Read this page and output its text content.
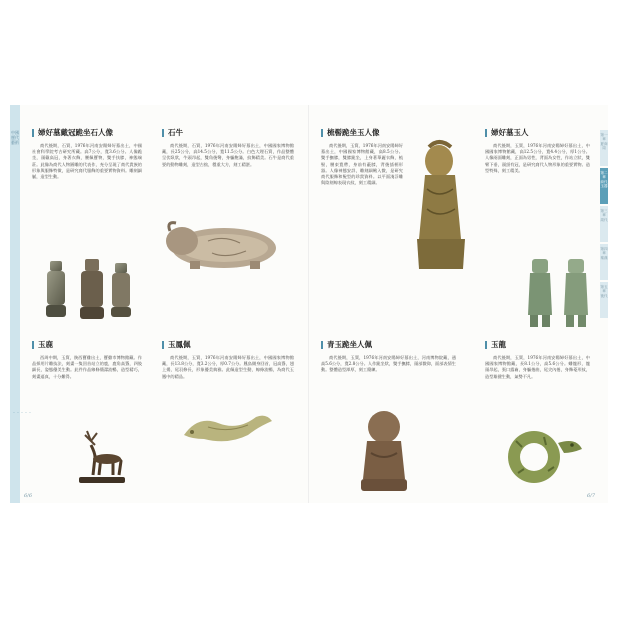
中國歷代藝術
・・・・・
婦好墓戴冠跪坐石人像
商代後期，石質，1976年河南安陽婦好墓出土，中國社會科學院考古研究所藏。高7公分，寬3.6公分。人像跪坐，頭戴高冠，身著衣飾，腰佩寶物，雙手扶膝，神態端莊。此像為商代人物圓雕的代表作，充分呈現了商代貴族的形象與服飾特徵，是研究商代服飾的重要實物資料。雕刻細膩，造型生動。
石牛
商代後期，石質，1976年河南安陽婦好墓出土，中國國家博物館藏，長25公分，高14.5公分，寬11.5公分。白色大理石質，作品整體呈伏臥狀，牛頭昂起，雙角後彎，身軀飽滿，紋飾精美。石牛是商代重要的動物雕刻，造型古拙，穩重大方，刻工精湛。
玉鹿
西周中期，玉質，陝西寶雞出土，寶雞市博物館藏。作品採用片雕技法，刻畫一隻回首站立的鹿，鹿角高聳，四肢細長，姿態優美生動。此件作品線條簡潔流暢，造型精巧，刻畫逼真，十分難得。
玉鳳佩
商代後期，玉質，1976年河南安陽婦好墓出土，中國國家博物館藏，長13.8公分，寬3.2公分，厚0.7公分。鳳鳥側身回首，冠高聳，翅上揚，尾羽修長，形象優美典雅。此佩造型生動，線條流暢，為商代玉鳳中的精品。
6/6
梳髻跪坐玉人像
商代後期，玉質，1976年河南安陽婦好墓出土，中國國家博物館藏，高8.5公分。雙手撫膝，雙膝跪坐，上身著華麗衣飾，梳髻，腰束寬帶，身前有蔽膝，背後插柄形器。人像神態安詳，雕刻細緻入微，是研究商代服飾和髮型的珍貴資料。以平面淺浮雕與陰刻線表現衣紋，刻工精細。
婦好墓玉人
商代後期，玉質，1976年河南安陽婦好墓出土，中國國家博物館藏，高12.5公分，寬4.4公分，厚1公分。人像兩面雕刻，正面為男性，背面為女性，作站立狀，雙臂下垂，頭頂有冠，是研究商代人物形象的重要實物。造型特殊，刻工精美。
青玉跪坐人佩
商代後期，玉質，1976年河南安陽婦好墓出土，河南博物院藏，通高5.6公分，寬2.8公分。人作跪坐狀，雙手撫膝，頭部微仰，面部表情生動。整體造型渾厚，刻工簡練。
玉龍
商代後期，玉質，1976年河南安陽婦好墓出土，中國國家博物館藏，長8.1公分，高5.6公分。蟠龍形，龍頭昂起，張口露齒，身軀捲曲，尾尖內捲，身飾菱形紋，造型雄健生動，氣勢不凡。
6/7
第一章 夏商周
第二章 商代玉器
第三章 周代
第四章 秦漢
第五章 後代
